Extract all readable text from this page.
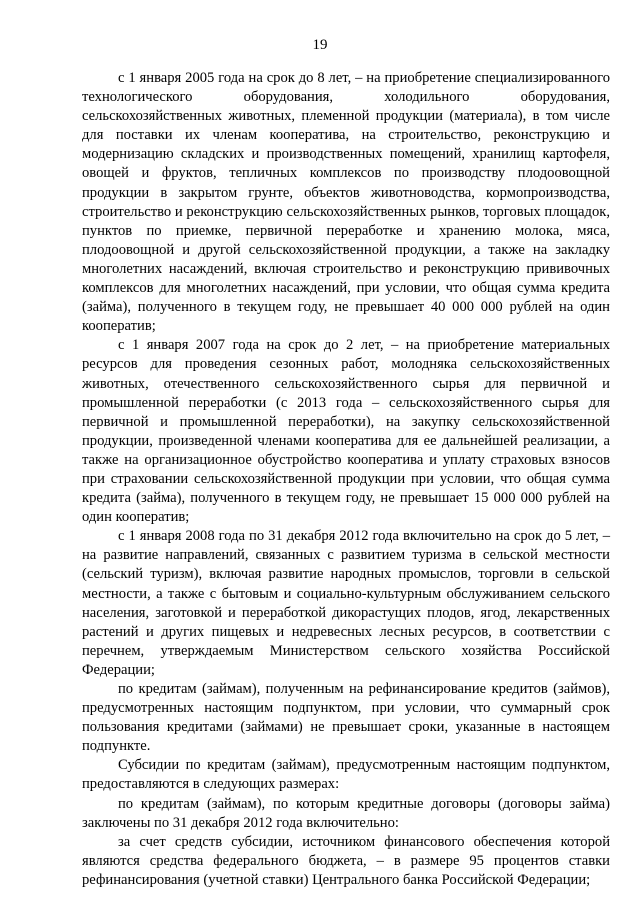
19

с 1 января 2005 года на срок до 8 лет, – на приобретение специализированного технологического оборудования, холодильного оборудования, сельскохозяйственных животных, племенной продукции (материала), в том числе для поставки их членам кооператива, на строительство, реконструкцию и модернизацию складских и производственных помещений, хранилищ картофеля, овощей и фруктов, тепличных комплексов по производству плодоовощной продукции в закрытом грунте, объектов животноводства, кормопроизводства, строительство и реконструкцию сельскохозяйственных рынков, торговых площадок, пунктов по приемке, первичной переработке и хранению молока, мяса, плодоовощной и другой сельскохозяйственной продукции, а также на закладку многолетних насаждений, включая строительство и реконструкцию прививочных комплексов для многолетних насаждений, при условии, что общая сумма кредита (займа), полученного в текущем году, не превышает 40 000 000 рублей на один кооператив;

с 1 января 2007 года на срок до 2 лет, – на приобретение материальных ресурсов для проведения сезонных работ, молодняка сельскохозяйственных животных, отечественного сельскохозяйственного сырья для первичной и промышленной переработки (с 2013 года – сельскохозяйственного сырья для первичной и промышленной переработки), на закупку сельскохозяйственной продукции, произведенной членами кооператива для ее дальнейшей реализации, а также на организационное обустройство кооператива и уплату страховых взносов при страховании сельскохозяйственной продукции при условии, что общая сумма кредита (займа), полученного в текущем году, не превышает 15 000 000 рублей на один кооператив;

с 1 января 2008 года по 31 декабря 2012 года включительно на срок до 5 лет, – на развитие направлений, связанных с развитием туризма в сельской местности (сельский туризм), включая развитие народных промыслов, торговли в сельской местности, а также с бытовым и социально-культурным обслуживанием сельского населения, заготовкой и переработкой дикорастущих плодов, ягод, лекарственных растений и других пищевых и недревесных лесных ресурсов, в соответствии с перечнем, утверждаемым Министерством сельского хозяйства Российской Федерации;

по кредитам (займам), полученным на рефинансирование кредитов (займов), предусмотренных настоящим подпунктом, при условии, что суммарный срок пользования кредитами (займами) не превышает сроки, указанные в настоящем подпункте.

Субсидии по кредитам (займам), предусмотренным настоящим подпунктом, предоставляются в следующих размерах:

по кредитам (займам), по которым кредитные договоры (договоры займа) заключены по 31 декабря 2012 года включительно:

за счет средств субсидии, источником финансового обеспечения которой являются средства федерального бюджета, – в размере 95 процентов ставки рефинансирования (учетной ставки) Центрального банка Российской Федерации;
